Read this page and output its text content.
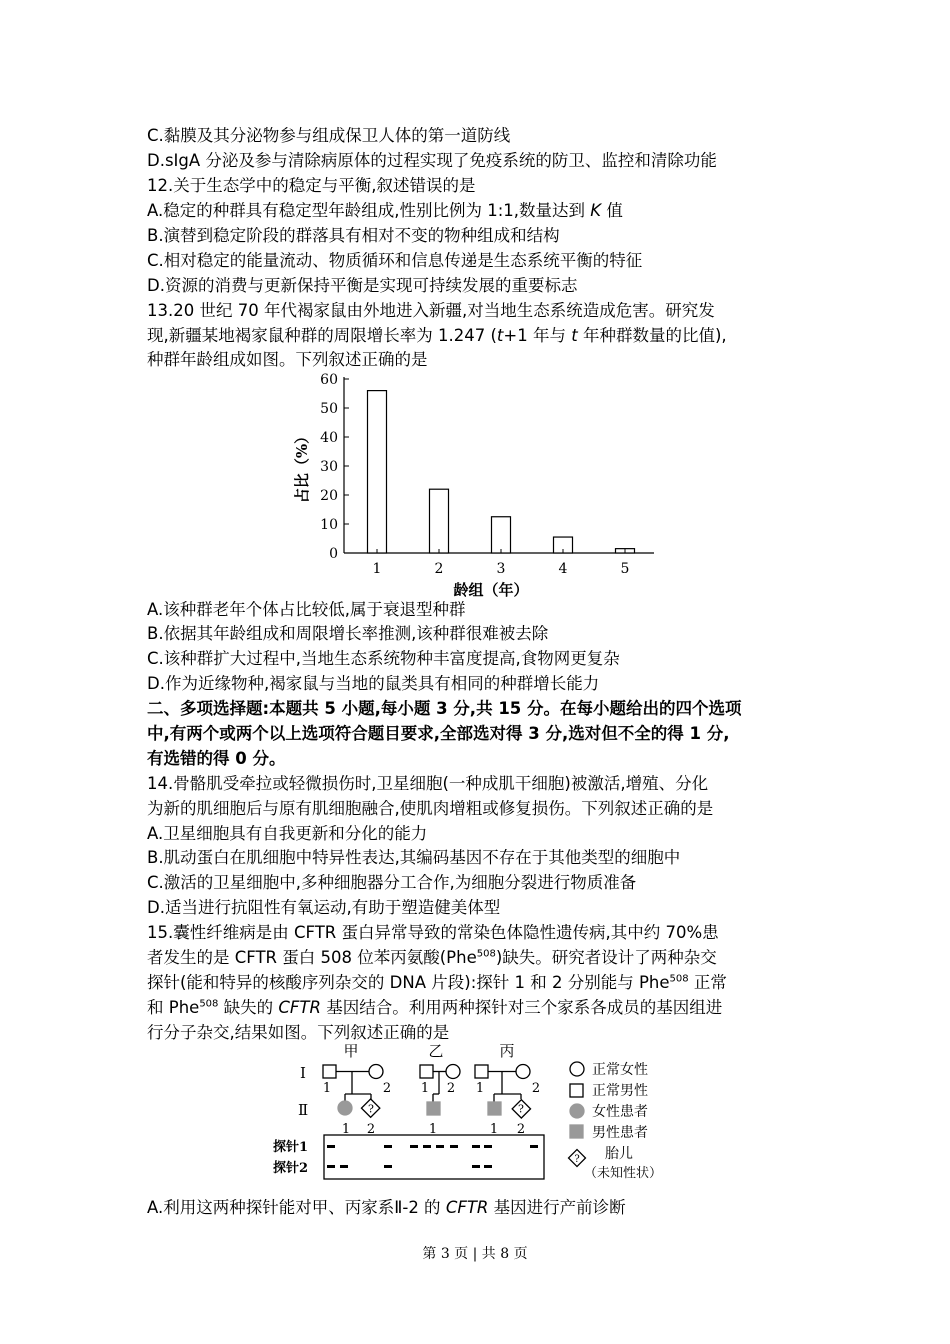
C.黏膜及其分泌物参与组成保卫人体的第一道防线
D.sIgA 分泌及参与清除病原体的过程实现了免疫系统的防卫、监控和清除功能
12.关于生态学中的稳定与平衡,叙述错误的是
A.稳定的种群具有稳定型年龄组成,性别比例为 1:1,数量达到 K 值
B.演替到稳定阶段的群落具有相对不变的物种组成和结构
C.相对稳定的能量流动、物质循环和信息传递是生态系统平衡的特征
D.资源的消费与更新保持平衡是实现可持续发展的重要标志
13.20 世纪 70 年代褐家鼠由外地进入新疆,对当地生态系统造成危害。研究发
现,新疆某地褐家鼠种群的周限增长率为 1.247 (t+1 年与 t 年种群数量的比值),
种群年龄组成如图。下列叙述正确的是
0
10
20
30
40
50
60
1	2	3	4	5
龄组（年）
占比（%）
A.该种群老年个体占比较低,属于衰退型种群
B.依据其年龄组成和周限增长率推测,该种群很难被去除
C.该种群扩大过程中,当地生态系统物种丰富度提高,食物网更复杂
D.作为近缘物种,褐家鼠与当地的鼠类具有相同的种群增长能力
二、多项选择题:本题共 5 小题,每小题 3 分,共 15 分。在每小题给出的四个选项
中,有两个或两个以上选项符合题目要求,全部选对得 3 分,选对但不全的得 1 分,
有选错的得 0 分。
14.骨骼肌受牵拉或轻微损伤时,卫星细胞(一种成肌干细胞)被激活,增殖、分化
为新的肌细胞后与原有肌细胞融合,使肌肉增粗或修复损伤。下列叙述正确的是
A.卫星细胞具有自我更新和分化的能力
B.肌动蛋白在肌细胞中特异性表达,其编码基因不存在于其他类型的细胞中
C.激活的卫星细胞中,多种细胞器分工合作,为细胞分裂进行物质准备
D.适当进行抗阻性有氧运动,有助于塑造健美体型
15.囊性纤维病是由 CFTR 蛋白异常导致的常染色体隐性遗传病,其中约 70%患
者发生的是 CFTR 蛋白 508 位苯丙氨酸(Phe$^{508}$)缺失。研究者设计了两种杂交
探针(能和特异的核酸序列杂交的 DNA 片段):探针 1 和 2 分别能与 Phe$^{508}$ 正常
和 Phe$^{508}$ 缺失的 CFTR 基因结合。利用两种探针对三个家系各成员的基因组进
行分子杂交,结果如图。下列叙述正确的是
甲	乙	丙
I
Ⅱ	?	?
1	2 1 2 1	2
1 2	1	1 2
探针1
探针2
?
正常女性
正常男性
女性患者
男性患者
胎儿
（未知性状）
A.利用这两种探针能对甲、丙家系Ⅱ-2 的 CFTR 基因进行产前诊断
第 3 页 | 共 8 页
